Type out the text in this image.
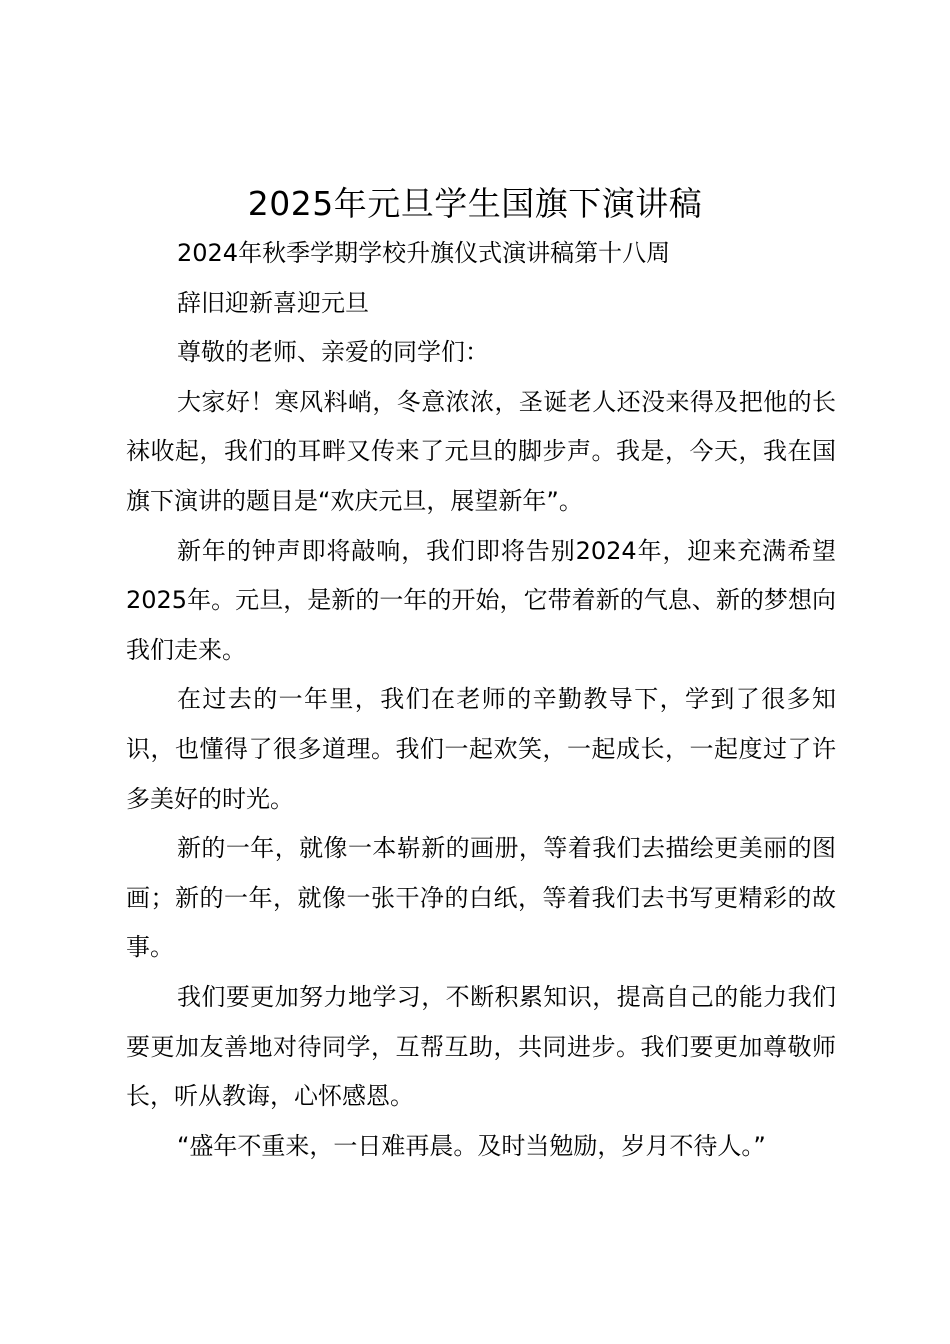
2025年元旦学生国旗下演讲稿

2024年秋季学期学校升旗仪式演讲稿第十八周

辞旧迎新喜迎元旦

尊敬的老师、亲爱的同学们：

大家好！寒风料峭，冬意浓浓，圣诞老人还没来得及把他的长袜收起，我们的耳畔又传来了元旦的脚步声。我是，今天，我在国旗下演讲的题目是“欢庆元旦，展望新年”。

新年的钟声即将敲响，我们即将告别2024年，迎来充满希望2025年。元旦，是新的一年的开始，它带着新的气息、新的梦想向我们走来。

在过去的一年里，我们在老师的辛勤教导下，学到了很多知识，也懂得了很多道理。我们一起欢笑，一起成长，一起度过了许多美好的时光。

新的一年，就像一本崭新的画册，等着我们去描绘更美丽的图画；新的一年，就像一张干净的白纸，等着我们去书写更精彩的故事。

我们要更加努力地学习，不断积累知识，提高自己的能力我们要更加友善地对待同学，互帮互助，共同进步。我们要更加尊敬师长，听从教诲，心怀感恩。

“盛年不重来，一日难再晨。及时当勉励，岁月不待人。”
